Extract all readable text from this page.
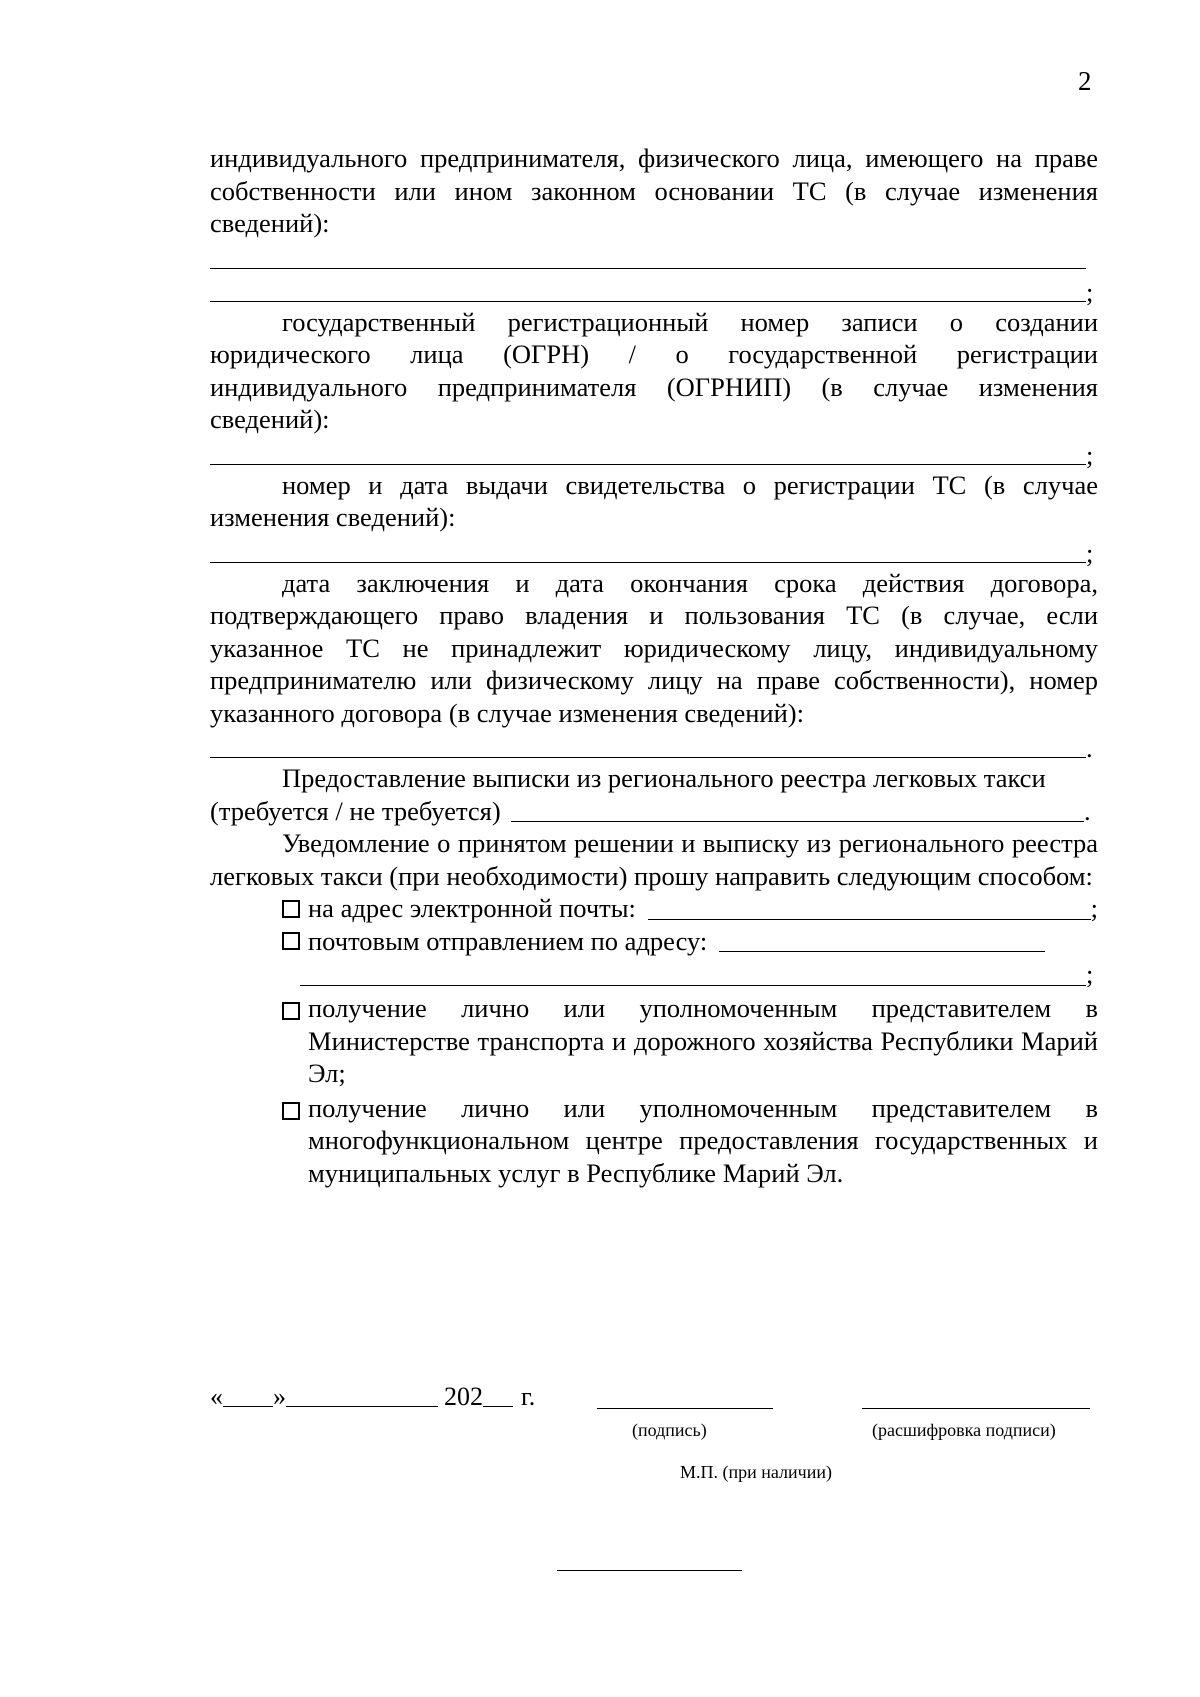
2

индивидуального предпринимателя, физического лица, имеющего на праве собственности или ином законном основании ТС (в случае изменения сведений):

;

государственный регистрационный номер записи о создании юридического лица (ОГРН) / о государственной регистрации индивидуального предпринимателя (ОГРНИП) (в случае изменения сведений):

;

номер и дата выдачи свидетельства о регистрации ТС (в случае изменения сведений):

;

дата заключения и дата окончания срока действия договора, подтверждающего право владения и пользования ТС (в случае, если указанное ТС не принадлежит юридическому лицу, индивидуальному предпринимателю или физическому лицу на праве собственности), номер указанного договора (в случае изменения сведений):

.

Предоставление выписки из регионального реестра легковых такси

(требуется / не требуется)	.

Уведомление о принятом решении и выписку из регионального реестра легковых такси (при необходимости) прошу направить следующим способом:

на адрес электронной почты:	;
почтовым отправлением по адресу:
;
получение лично или уполномоченным представителем в Министерстве транспорта и дорожного хозяйства Республики Марий Эл;
получение лично или уполномоченным представителем в многофункциональном центре предоставления государственных и муниципальных услуг в Республике Марий Эл.
« »	202 г.
(подпись)	(расшифровка подписи)
М.П. (при наличии)
